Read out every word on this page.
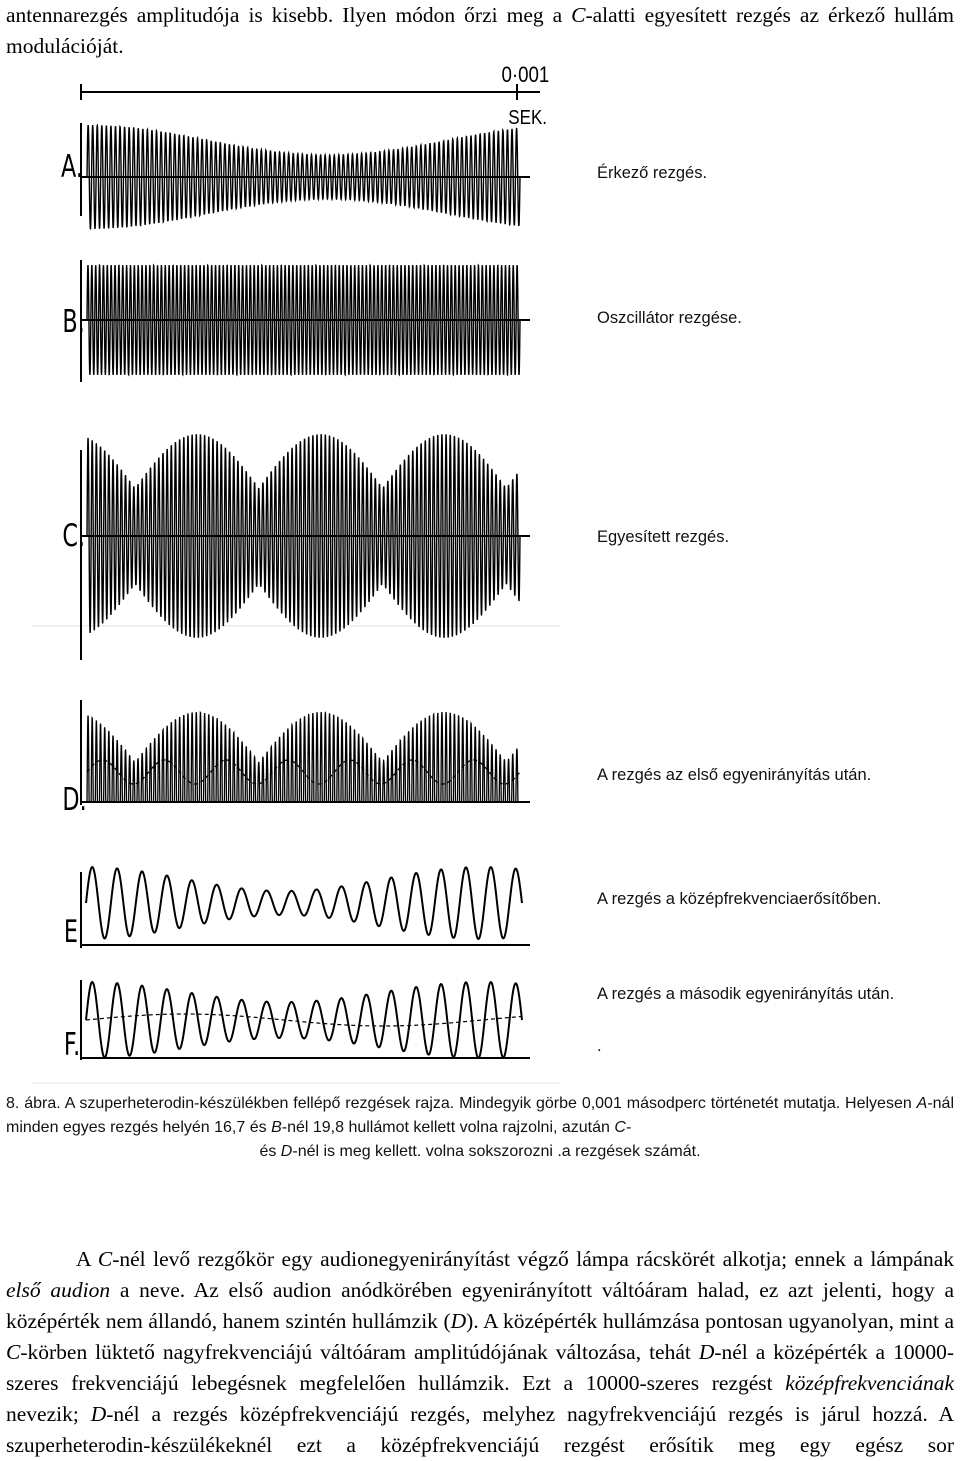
antennarezgés amplitudója is kisebb. Ilyen módon őrzi meg a C-alatti egyesített rezgés az érkező hullám modulációját.
0·001
SEK.
A.
B.
C.
D.
E
F.
Érkező rezgés.
Oszcillátor rezgése.
Egyesített rezgés.
A rezgés az első egyenirányítás után.
A rezgés a középfrekvenciaerősítőben.
A rezgés a második egyenirányítás után.
.
8. ábra. A szuperheterodin-készülékben fellépő rezgések rajza. Mindegyik görbe 0,001 másodperc történetét mutatja. Helyesen A-nál minden egyes rezgés helyén 16,7 és B-nél 19,8 hullámot kellett volna rajzolni, azután C-
és D-nél is meg kellett. volna sokszorozni .a rezgések számát.
A C-nél levő rezgőkör egy audionegyenirányítást végző lámpa rácskörét alkotja; ennek a lámpának első audion a neve. Az első audion anódkörében egyenirányított váltóáram halad, ez azt jelenti, hogy a középérték nem állandó, hanem szintén hullámzik (D). A középérték hullámzása pontosan ugyanolyan, mint a C-körben lüktető nagyfrekvenciájú váltóáram amplitúdójának változása, tehát D-nél a középérték a 10000-szeres frekvenciájú lebegésnek megfelelően hullámzik. Ezt a 10000-szeres rezgést középfrekvenciának nevezik; D-nél a rezgés középfrekvenciájú rezgés, melyhez nagyfrekvenciájú rezgés is járul hozzá. A szuperheterodin-készülékeknél ezt a középfrekvenciájú rezgést erősítik meg egy egész sor
